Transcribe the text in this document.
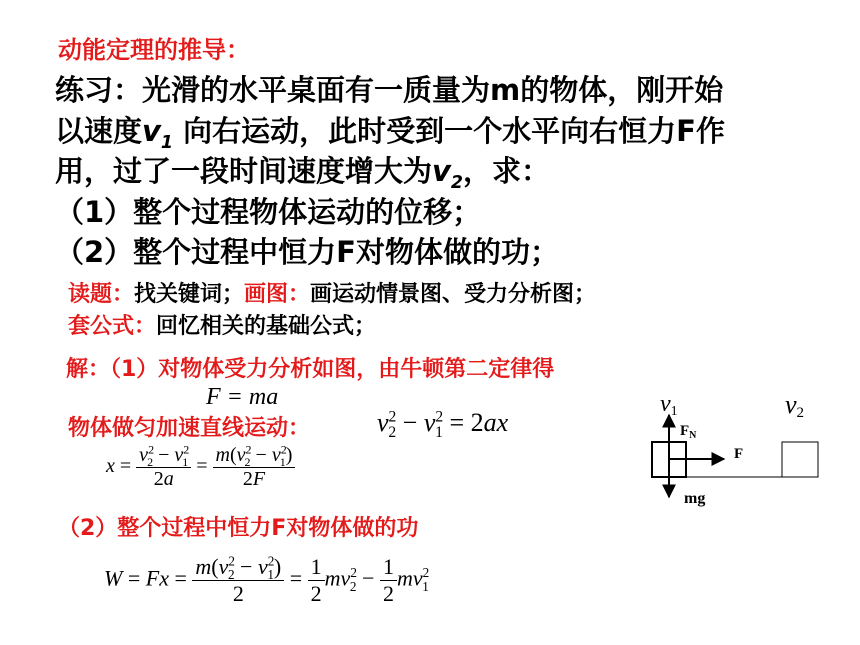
动能定理的推导：
练习：光滑的水平桌面有一质量为m的物体，刚开始
以速度$v_1$ 向右运动，此时受到一个水平向右恒力F作
用，过了一段时间速度增大为$v_2$，求：
（1）整个过程物体运动的位移；
（2）整个过程中恒力F对物体做的功；
读题：找关键词；画图：画运动情景图、受力分析图；
套公式：回忆相关的基础公式；
解：（1）对物体受力分析如图，由牛顿第二定律得
F = ma
物体做匀加速直线运动：	$v^2_2 - v^2_1 = 2ax$
$x = \frac{v^2_2 - v^2_1}{2a} = \frac{m(v^2_2 - v^2_1)}{2F}$
（2）整个过程中恒力F对物体做的功
$W = Fx = \frac{m(v^2_2 - v^2_1)}{2} = \frac{1}{2} mv^2_2 - \frac{1}{2} mv^2_1$
v1	v2
$F_N$
F
mg
